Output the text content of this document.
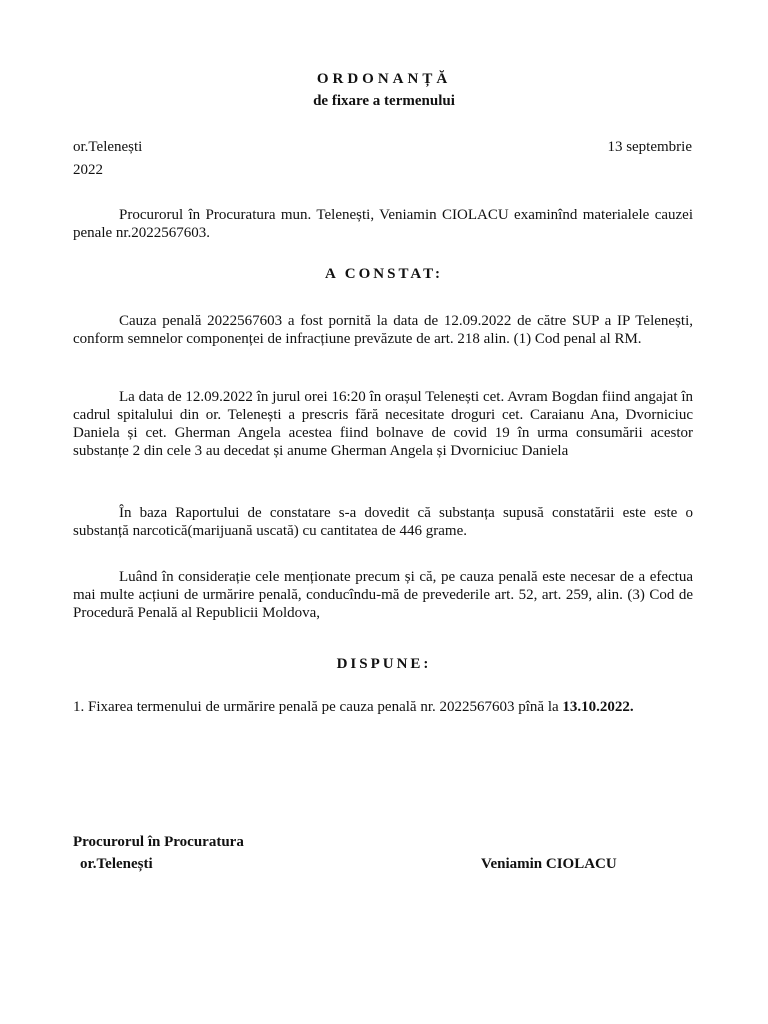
ORDONANȚĂ
de fixare a termenului
or.Telenești	13 septembrie
2022
Procurorul în Procuratura mun. Telenești, Veniamin CIOLACU examinînd materialele cauzei penale nr.2022567603.
A CONSTAT:
Cauza penală 2022567603 a fost pornită la data de 12.09.2022 de către SUP a IP Telenești, conform semnelor componenței de infracțiune prevăzute de art. 218 alin. (1) Cod penal al RM.
La data de 12.09.2022 în jurul orei 16:20 în orașul Telenești cet. Avram Bogdan fiind angajat în cadrul spitalului din or. Telenești a prescris fără necesitate droguri cet. Caraianu Ana, Dvorniciuc Daniela și cet. Gherman Angela acestea fiind bolnave de covid 19 în urma consumării acestor substanțe 2 din cele 3 au decedat și anume Gherman Angela și Dvorniciuc Daniela
În baza Raportului de constatare s-a dovedit că substanța supusă constatării este este o substanță narcotică(marijuană uscată) cu cantitatea de 446 grame.
Luând în considerație cele menționate precum și că, pe cauza penală este necesar de a efectua mai multe acțiuni de urmărire penală, conducîndu-mă de prevederile art. 52, art. 259, alin. (3) Cod de Procedură Penală al Republicii Moldova,
DISPUNE:
1. Fixarea termenului de urmărire penală pe cauza penală nr. 2022567603 pînă la 13.10.2022.
Procurorul în Procuratura
or.Telenești	Veniamin CIOLACU
